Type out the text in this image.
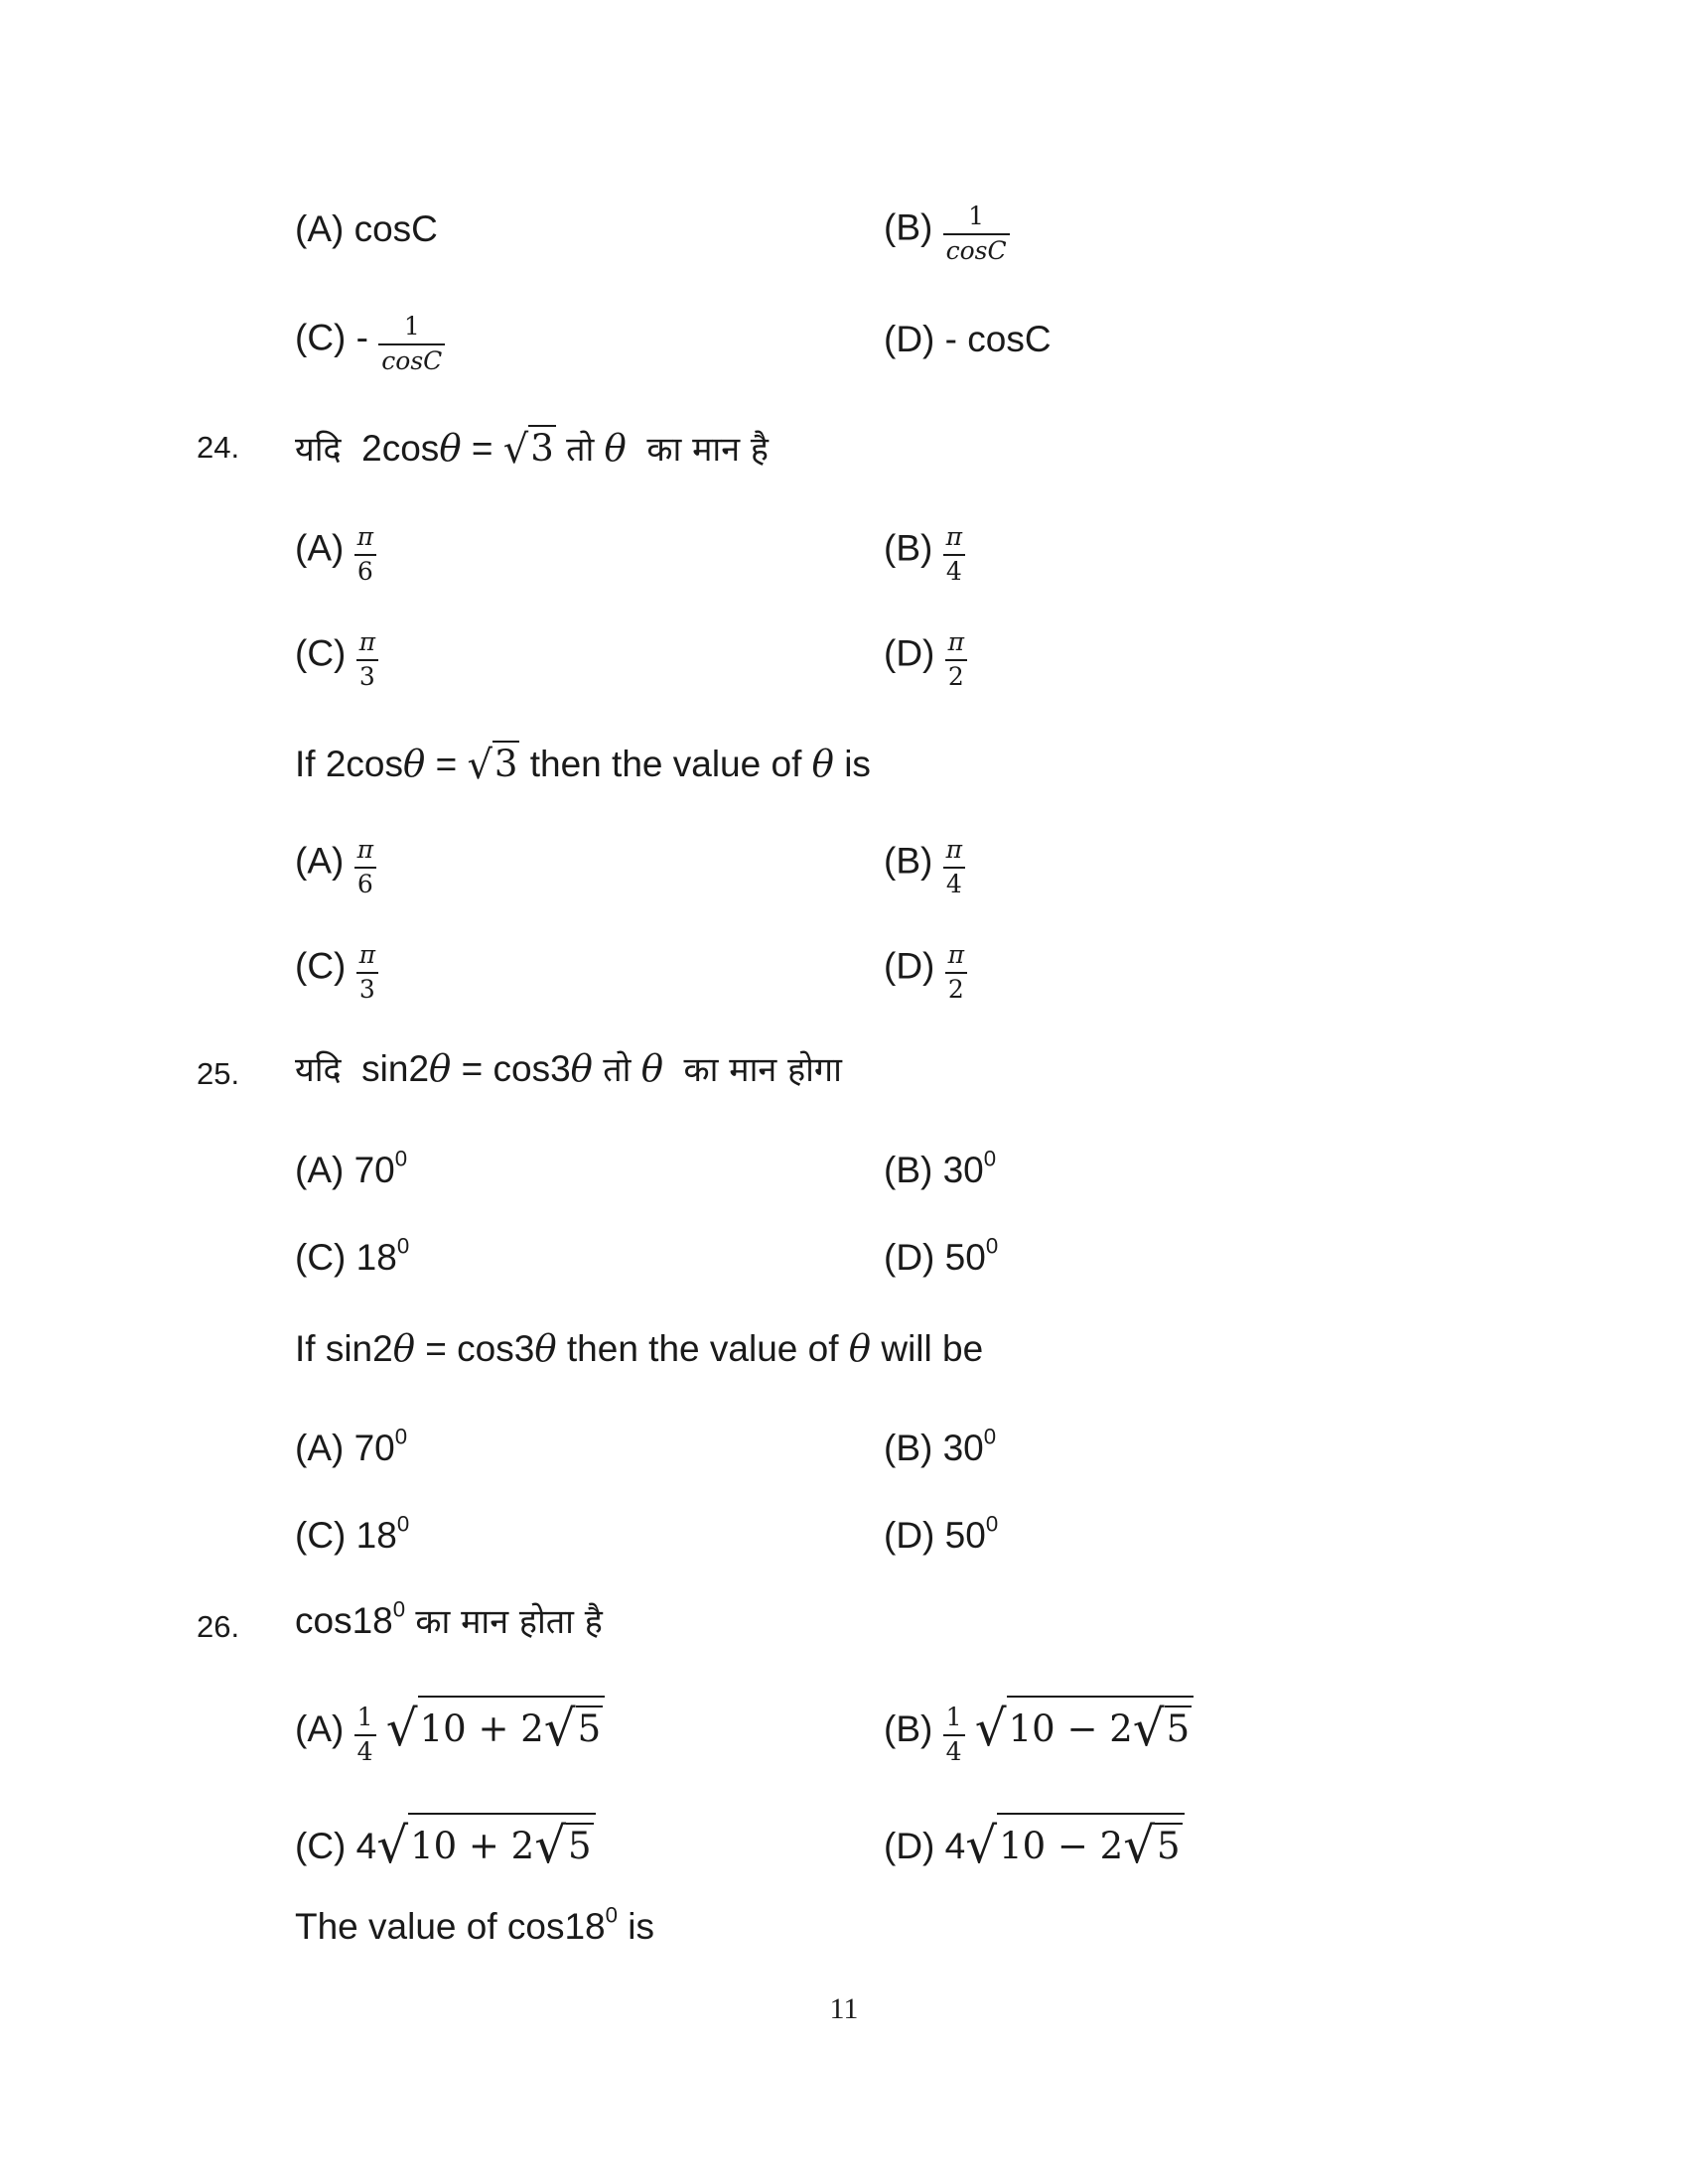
(A) cosC	$(B) \frac{1}{\cos C}$
$(C) - \frac{1}{\cos C}$	(D) - cosC
24. यदि 2cosθ = √3 तो θ का मान है
$(A) \frac{\pi}{6}$	$(B) \frac{\pi}{4}$
$(C) \frac{\pi}{3}$	$(D) \frac{\pi}{2}$
If 2cosθ = √3 then the value of θ is
$(A) \frac{\pi}{6}$	$(B) \frac{\pi}{4}$
$(C) \frac{\pi}{3}$	$(D) \frac{\pi}{2}$
25. यदि sin2θ = cos3θ तो θ का मान होगा
(A) $70^0$	(B) $30^0$
(C) $18^0$	(D) $50^0$
If sin2θ = cos3θ then the value of θ will be
(A) $70^0$	(B) $30^0$
(C) $18^0$	(D) $50^0$
26. $\cos 18^0$ का मान होता है
$(A) \frac{1}{4} √10 + 2√5$	$(B) \frac{1}{4} √10 - 2√5$
(C) 4√10 + 2√5	(D) 4√10 − 2√5
The value of $\cos 18^0$ is
11
